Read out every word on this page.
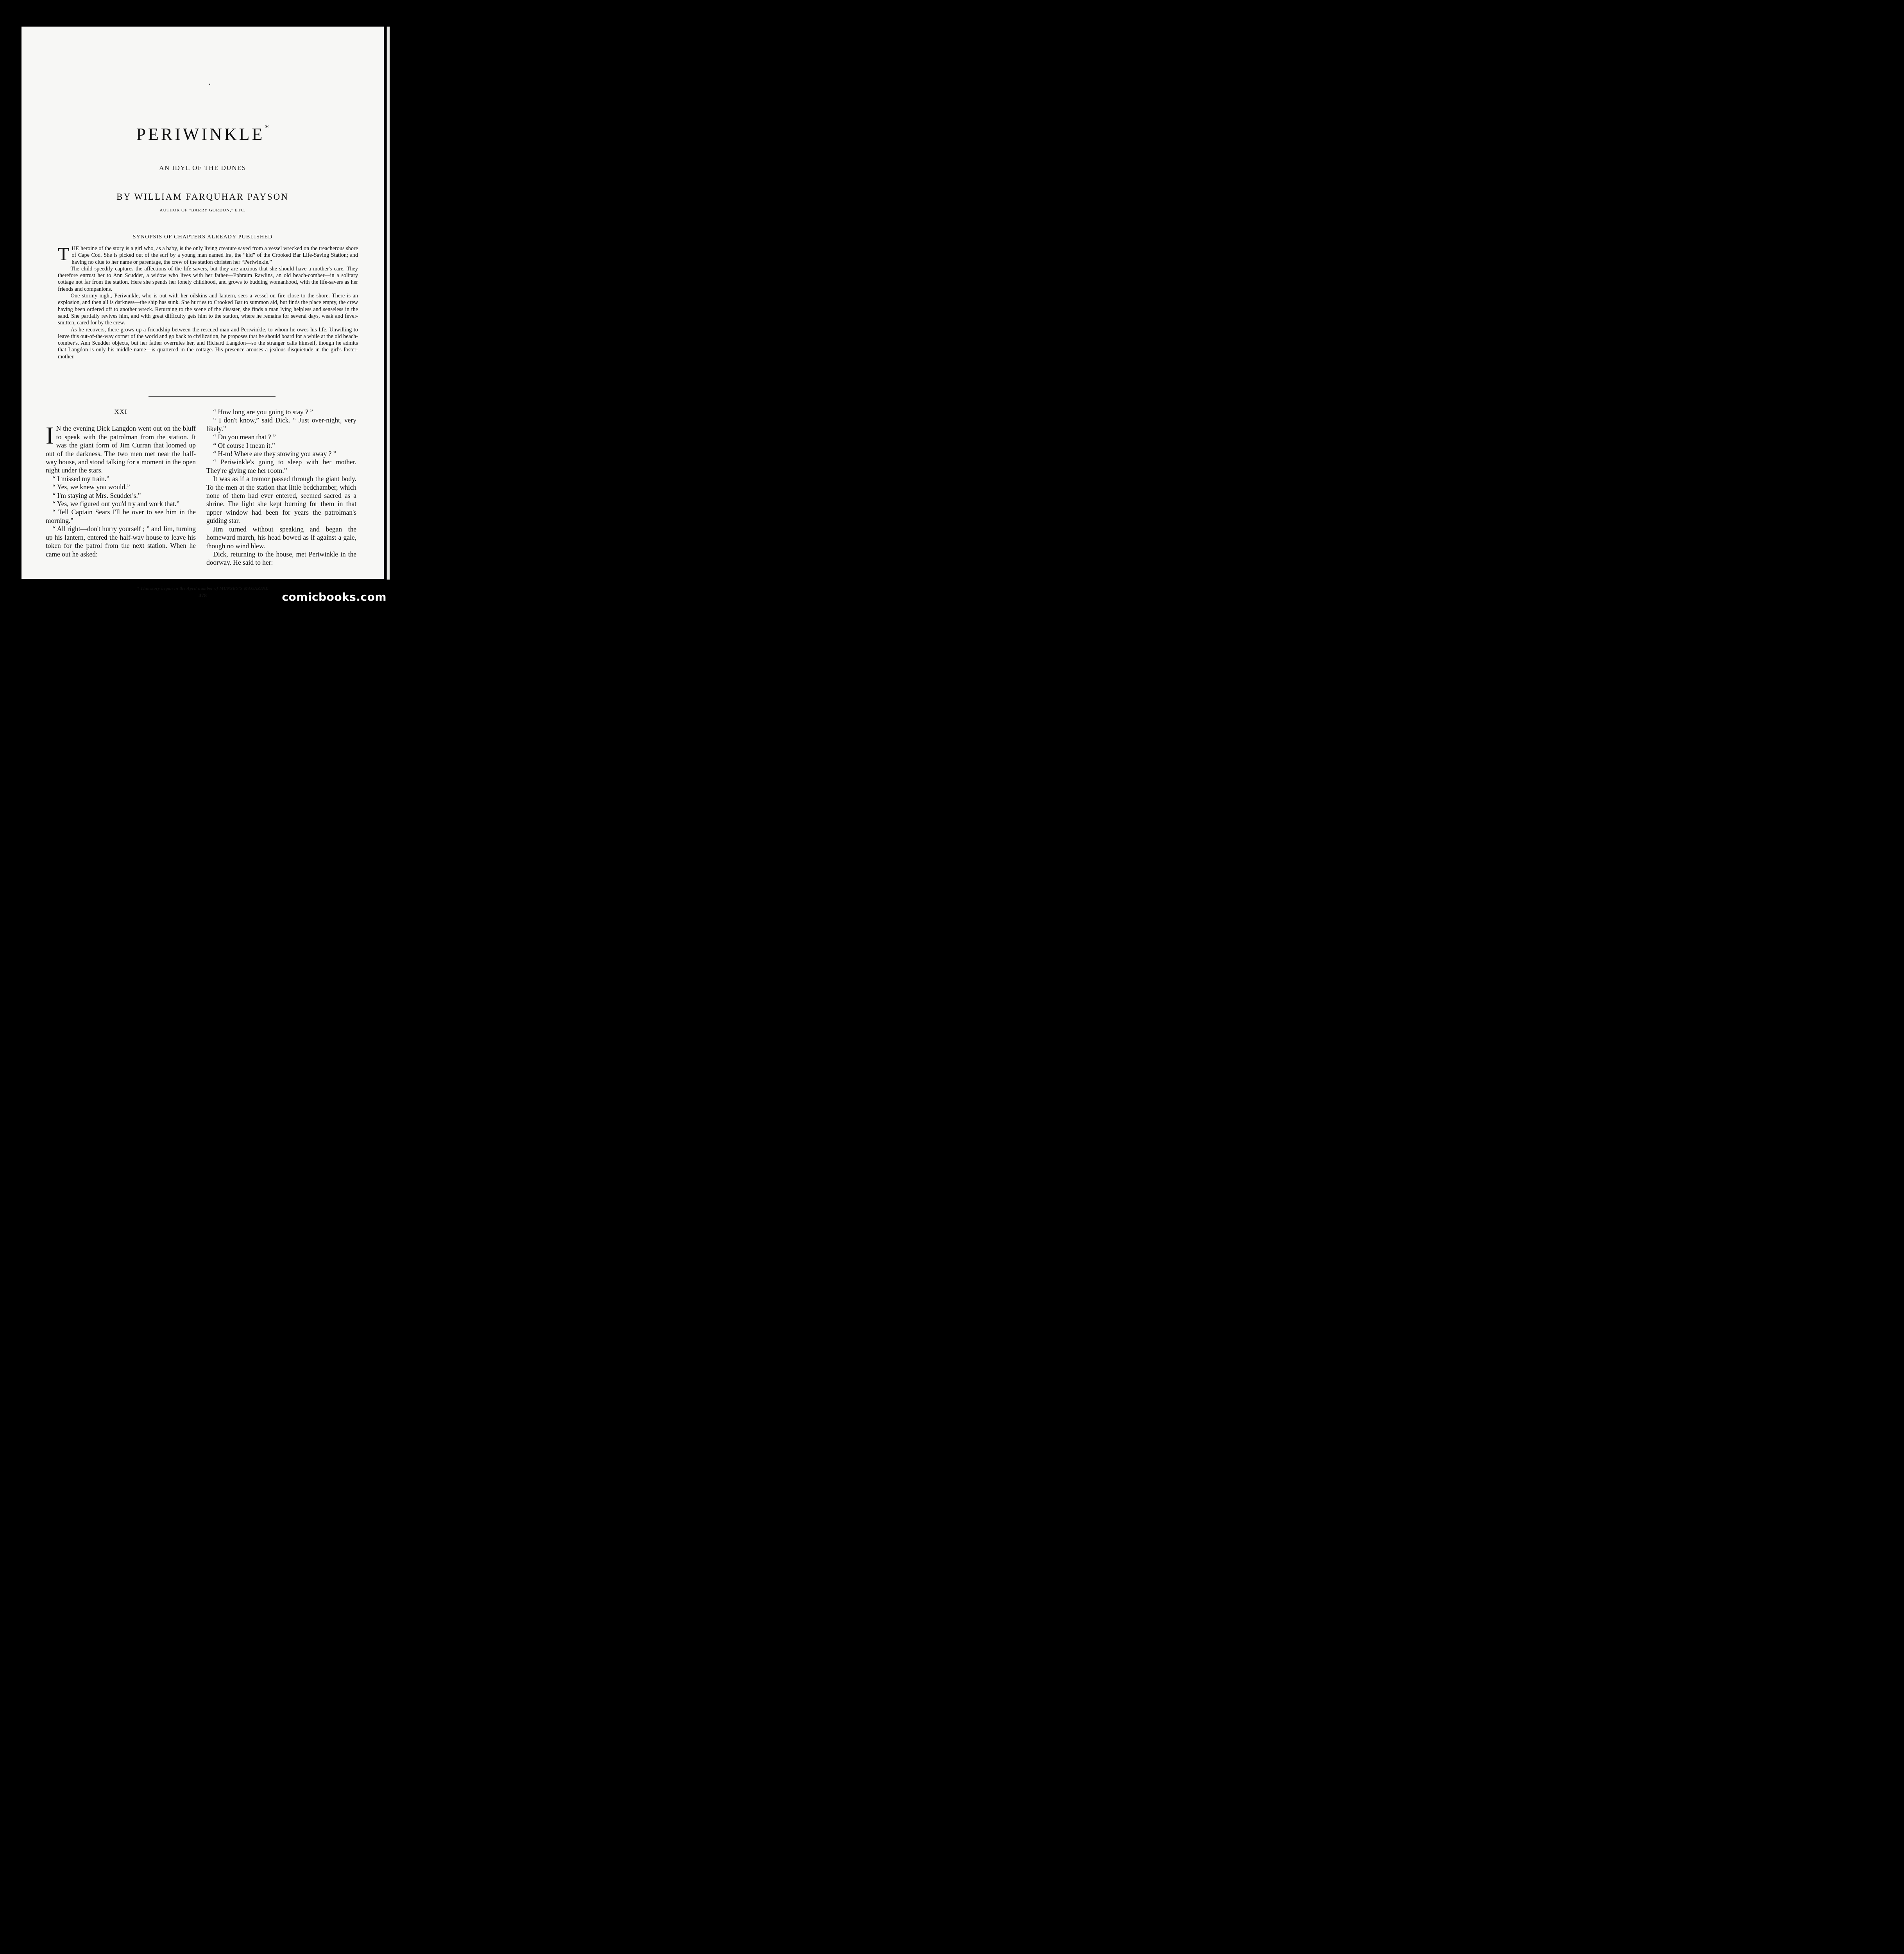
PERIWINKLE*
AN IDYL OF THE DUNES
BY WILLIAM FARQUHAR PAYSON
AUTHOR OF "BARRY GORDON," ETC.
SYNOPSIS OF CHAPTERS ALREADY PUBLISHED

THE heroine of the story is a girl who, as a baby, is the only living creature saved from a vessel wrecked on the treacherous shore of Cape Cod. She is picked out of the surf by a young man named Ira, the “kid” of the Crooked Bar Life-Saving Station; and having no clue to her name or parentage, the crew of the station christen her “Periwinkle.”

The child speedily captures the affections of the life-savers, but they are anxious that she should have a mother's care. They therefore entrust her to Ann Scudder, a widow who lives with her father—Ephraim Rawlins, an old beach-comber—in a solitary cottage not far from the station. Here she spends her lonely childhood, and grows to budding womanhood, with the life-savers as her friends and companions.

One stormy night, Periwinkle, who is out with her oilskins and lantern, sees a vessel on fire close to the shore. There is an explosion, and then all is darkness—the ship has sunk. She hurries to Crooked Bar to summon aid, but finds the place empty, the crew having been ordered off to another wreck. Returning to the scene of the disaster, she finds a man lying helpless and senseless in the sand. She partially revives him, and with great difficulty gets him to the station, where he remains for several days, weak and fever-smitten, cared for by the crew.

As he recovers, there grows up a friendship between the rescued man and Periwinkle, to whom he owes his life. Unwilling to leave this out-of-the-way corner of the world and go back to civilization, he proposes that he should board for a while at the old beach-comber's. Ann Scudder objects, but her father overrules her, and Richard Langdon—so the stranger calls himself, though he admits that Langdon is only his middle name—is quartered in the cottage. His presence arouses a jealous disquietude in the girl's foster-mother.

XXI

I N the evening Dick Langdon went out on the bluff to speak with the patrolman from the station. It was the giant form of Jim Curran that loomed up out of the darkness. The two men met near the half-way house, and stood talking for a moment in the open night under the stars.

“ I missed my train.”

“ Yes, we knew you would.”

“ I'm staying at Mrs. Scudder's.”

“ Yes, we figured out you'd try and work that.”

“ Tell Captain Sears I'll be over to see him in the morning.”

“ All right—don't hurry yourself ; ” and Jim, turning up his lantern, entered the half-way house to leave his token for the patrol from the next station. When he came out he asked:

“ How long are you going to stay ? ”

“ I don't know,” said Dick. “ Just over-night, very likely.”

“ Do you mean that ? ”

“ Of course I mean it.”

“ H-m! Where are they stowing you away ? ”

“ Periwinkle's going to sleep with her mother. They're giving me her room.”

It was as if a tremor passed through the giant body. To the men at the station that little bedchamber, which none of them had ever entered, seemed sacred as a shrine. The light she kept burning for them in that upper window had been for years the patrolman's guiding star.

Jim turned without speaking and began the homeward march, his head bowed as if against a gale, though no wind blew.

Dick, returning to the house, met Periwinkle in the doorway. He said to her:

* This story began in the April number of MUNSEY'S MAGAZINE
478	comicbooks.com
